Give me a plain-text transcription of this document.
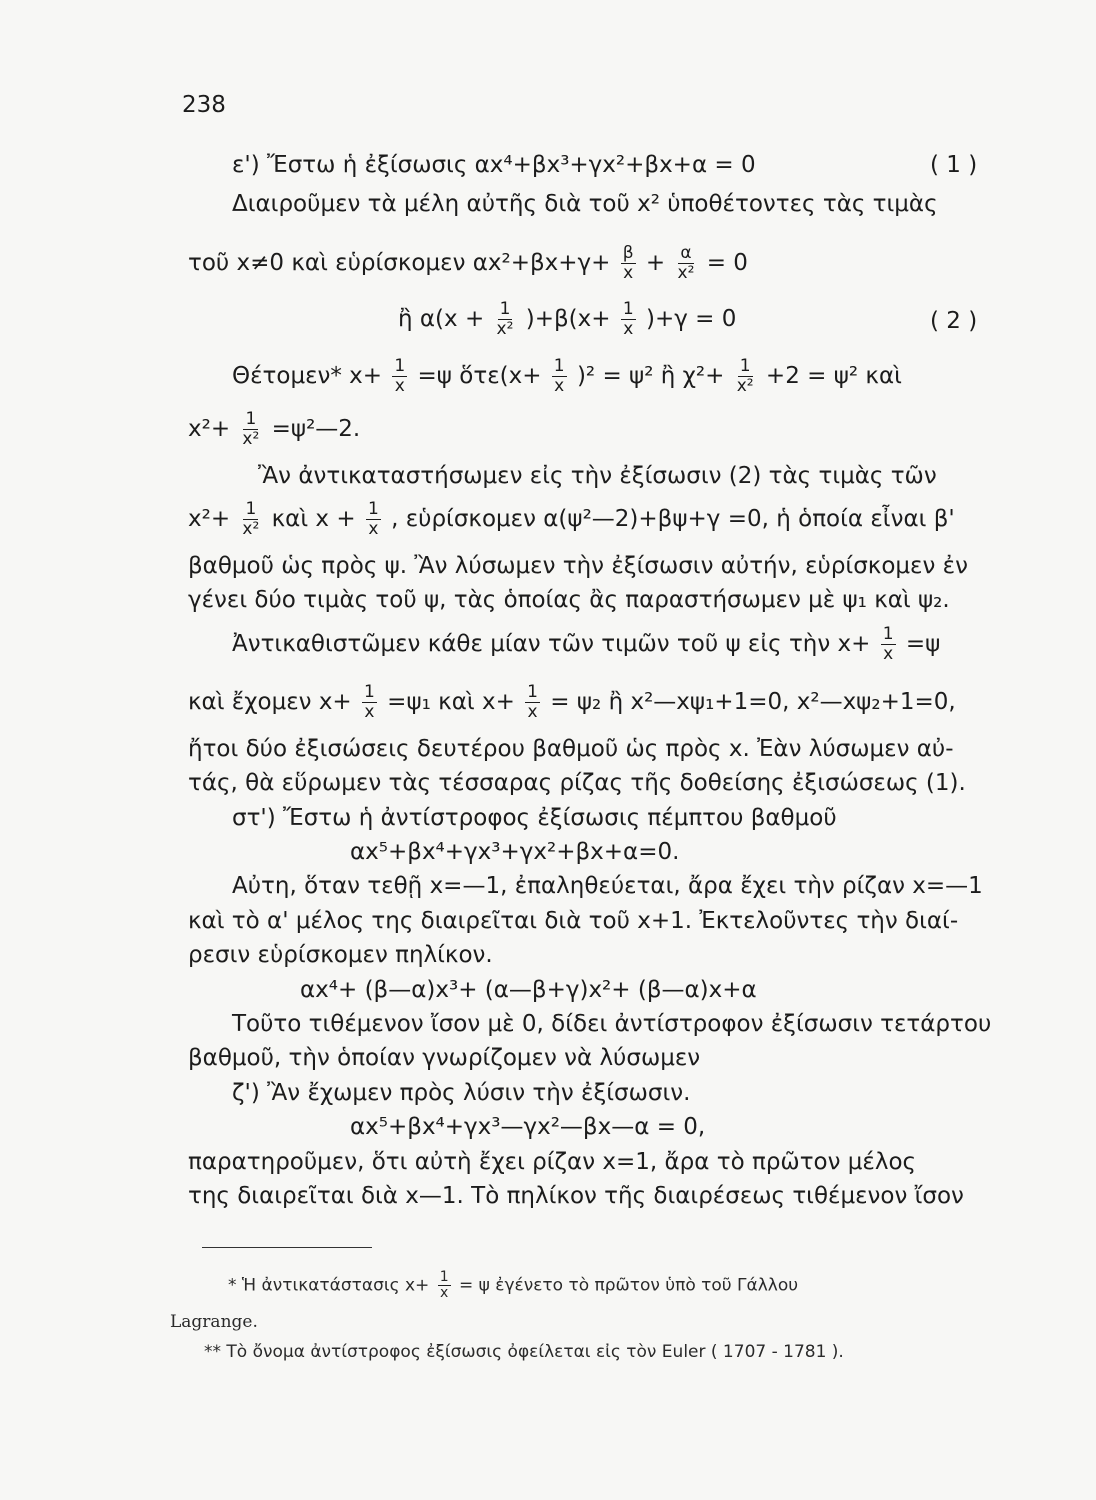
238
ε') Ἔστω ἡ ἐξίσωσις αx⁴+βx³+γx²+βx+α = 0	( 1 )
Διαιροῦμεν τὰ μέλη αὐτῆς διὰ τοῦ x² ὑποθέτοντες τὰς τιμὰς
τοῦ x≠0 καὶ εὑρίσκομεν $\alpha x^2+\beta x+\gamma+ \frac{\beta}{x} + \frac{\alpha}{\text{x²}} = 0$
ἢ $\alpha(x + \frac{1}{\text{x²}} )+\beta(x+ \frac{1}{x} )+\gamma = 0$	( 2 )
Θέτομεν* $x+ \frac{1}{x} =\psi$ ὅτε(x+ $\frac{1}{x} )^2 = \psi^2$ ἢ $\chi^2+ \frac{1}{\text{x²}} +2 = \psi^2$ καὶ
$x^2+ \frac{1}{\text{x²}}$ =ψ²—2.
Ἂν ἀντικαταστήσωμεν εἰς τὴν ἐξίσωσιν (2) τὰς τιμὰς τῶν
$x^2+ \frac{1}{\text{x²}}$ καὶ $x + \frac{1}{x}$ , εὑρίσκομεν α(ψ²—2)+βψ+γ =0, ἡ ὁποία εἶναι β'
βαθμοῦ ὡς πρὸς ψ. Ἂν λύσωμεν τὴν ἐξίσωσιν αὐτήν, εὑρίσκομεν ἐν
γένει δύο τιμὰς τοῦ ψ, τὰς ὁποίας ἂς παραστήσωμεν μὲ ψ₁ καὶ ψ₂.
Ἀντικαθιστῶμεν κάθε μίαν τῶν τιμῶν τοῦ ψ εἰς τὴν $x+ \frac{1}{x} =\psi$
καὶ ἔχομεν $x+ \frac{1}{x} =\psi_1$ καὶ $x+ \frac{1}{x} = \psi_2$ ἢ x²—xψ₁+1=0, x²—xψ₂+1=0,
ἤτοι δύο ἐξισώσεις δευτέρου βαθμοῦ ὡς πρὸς x. Ἐὰν λύσωμεν αὐ-
τάς, θὰ εὕρωμεν τὰς τέσσαρας ρίζας τῆς δοθείσης ἐξισώσεως (1).
στ') Ἔστω ἡ ἀντίστροφος ἐξίσωσις πέμπτου βαθμοῦ
αx⁵+βx⁴+γx³+γx²+βx+α=0.
Αὐτη, ὅταν τεθῇ x=—1, ἐπαληθεύεται, ἄρα ἔχει τὴν ρίζαν x=—1
καὶ τὸ α' μέλος της διαιρεῖται διὰ τοῦ x+1. Ἐκτελοῦντες τὴν διαί-
ρεσιν εὑρίσκομεν πηλίκον.
αx⁴+ (β—α)x³+ (α—β+γ)x²+ (β—α)x+α
Τοῦτο τιθέμενον ἴσον μὲ 0, δίδει ἀντίστροφον ἐξίσωσιν τετάρτου
βαθμοῦ, τὴν ὁποίαν γνωρίζομεν νὰ λύσωμεν
ζ') Ἂν ἔχωμεν πρὸς λύσιν τὴν ἐξίσωσιν.
αx⁵+βx⁴+γx³—γx²—βx—α = 0,
παρατηροῦμεν, ὅτι αὐτὴ ἔχει ρίζαν x=1, ἄρα τὸ πρῶτον μέλος
της διαιρεῖται διὰ x—1. Τὸ πηλίκον τῆς διαιρέσεως τιθέμενον ἴσον
* Ἡ ἀντικατάστασις $x+ \frac{1}{x} = \psi$ ἐγένετο τὸ πρῶτον ὑπὸ τοῦ Γάλλου
Lagrange.
** Τὸ ὄνομα ἀντίστροφος ἐξίσωσις ὀφείλεται εἰς τὸν Euler ( 1707 - 1781 ).
